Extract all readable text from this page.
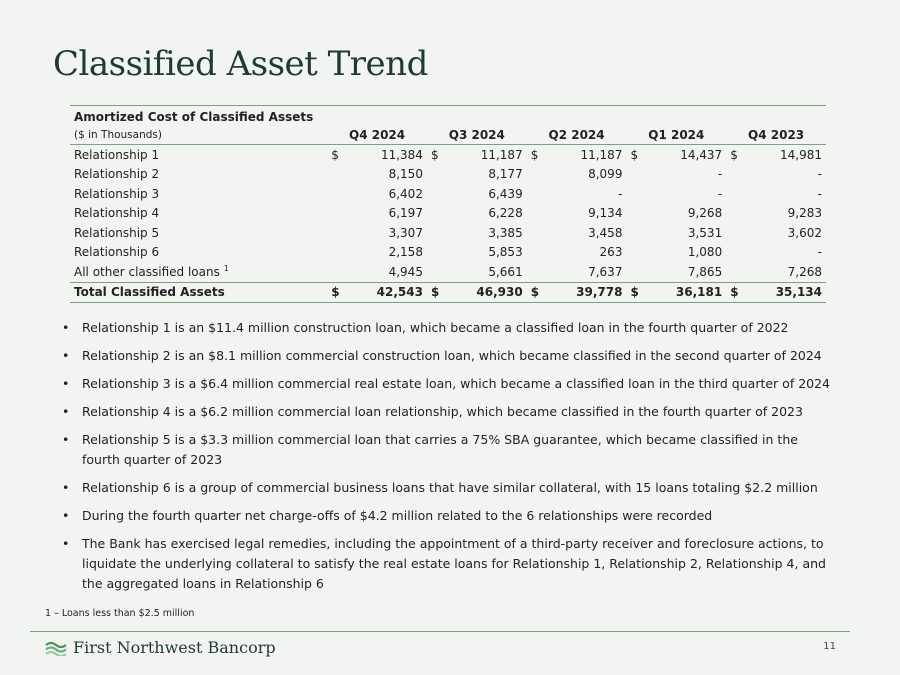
Classified Asset Trend
Amortized Cost of Classified Assets										
($ in Thousands)	Q4 2024		Q3 2024		Q2 2024		Q1 2024		Q4 2023	
Relationship 1	$	11,384	$	11,187	$	11,187	$	14,437	$	14,981
Relationship 2		8,150		8,177		8,099		-		-
Relationship 3		6,402		6,439		-		-		-
Relationship 4		6,197		6,228		9,134		9,268		9,283
Relationship 5		3,307		3,385		3,458		3,531		3,602
Relationship 6		2,158		5,853		263		1,080		-
All other classified loans $^1$		4,945		5,661		7,637		7,865		7,268
Total Classified Assets	$	42,543	$	46,930	$	39,778	$	36,181	$	35,134
• Relationship 1 is an $11.4 million construction loan, which became a classified loan in the fourth quarter of 2022
• Relationship 2 is an $8.1 million commercial construction loan, which became classified in the second quarter of 2024
• Relationship 3 is a $6.4 million commercial real estate loan, which became a classified loan in the third quarter of 2024
• Relationship 4 is a $6.2 million commercial loan relationship, which became classified in the fourth quarter of 2023
• Relationship 5 is a $3.3 million commercial loan that carries a 75% SBA guarantee, which became classified in the fourth quarter of 2023
• Relationship 6 is a group of commercial business loans that have similar collateral, with 15 loans totaling $2.2 million
• During the fourth quarter net charge-offs of $4.2 million related to the 6 relationships were recorded
• The Bank has exercised legal remedies, including the appointment of a third-party receiver and foreclosure actions, to liquidate the underlying collateral to satisfy the real estate loans for Relationship 1, Relationship 2, Relationship 4, and the aggregated loans in Relationship 6
1 – Loans less than $2.5 million
First Northwest Bancorp	11
